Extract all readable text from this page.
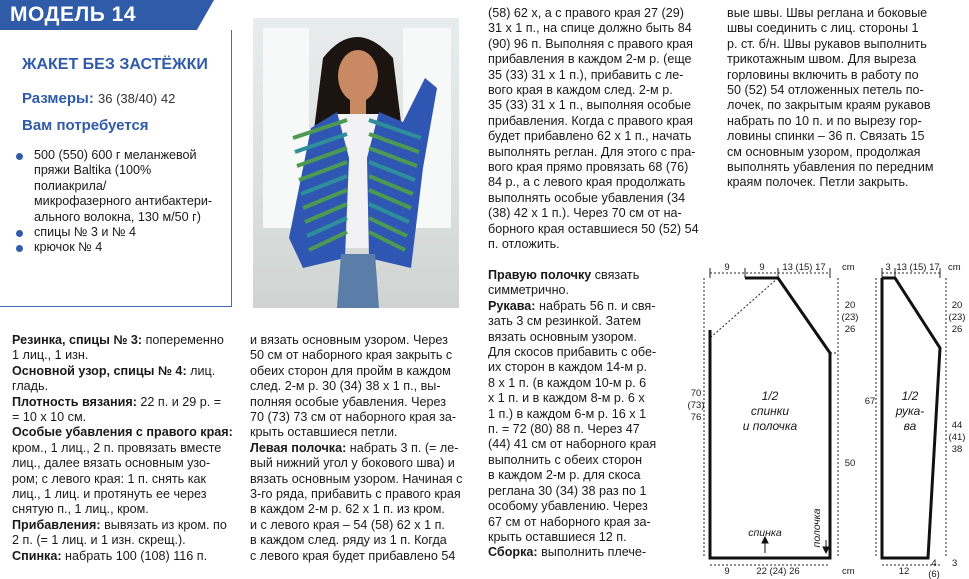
МОДЕЛЬ 14
ЖАКЕТ БЕЗ ЗАСТЁЖКИ
Размеры: 36 (38/40) 42
Вам потребуется
500 (550) 600 г меланжевой
пряжи Baltika (100% полиакрила/
микрофазерного антибактери-
ального волокна, 130 м/50 г)
спицы № 3 и № 4
крючок № 4

Резинка, спицы № 3: попеременно

1 лиц., 1 изн.

Основной узор, спицы № 4: лиц.

гладь.

Плотность вязания: 22 п. и 29 р. =

= 10 х 10 см.

Особые убавления с правого края:

кром., 1 лиц., 2 п. провязать вместе

лиц., далее вязать основным узо-

ром; с левого края: 1 п. снять как

лиц., 1 лиц. и протянуть ее через

снятую п., 1 лиц., кром.

Прибавления: вывязать из кром. по

2 п. (= 1 лиц. и 1 изн. скрещ.).

Спинка: набрать 100 (108) 116 п.

и вязать основным узором. Через

50 см от наборного края закрыть с

обеих сторон для пройм в каждом

след. 2-м р. 30 (34) 38 х 1 п., вы-

полняя особые убавления. Через

70 (73) 73 см от наборного края за-

крыть оставшиеся петли.

Левая полочка: набрать 3 п. (= ле-

вый нижний угол у бокового шва) и

вязать основным узором. Начиная с

3-го ряда, прибавить с правого края

в каждом 2-м р. 62 х 1 п. из кром.

и с левого края – 54 (58) 62 х 1 п.

в каждом след. ряду из 1 п. Когда

с левого края будет прибавлено 54

(58) 62 х, а с правого края 27 (29)

31 х 1 п., на спице должно быть 84

(90) 96 п. Выполняя с правого края

прибавления в каждом 2-м р. (еще

35 (33) 31 х 1 п.), прибавить с ле-

вого края в каждом след. 2-м р.

35 (33) 31 х 1 п., выполняя особые

прибавления. Когда с правого края

будет прибавлено 62 х 1 п., начать

выполнять реглан. Для этого с пра-

вого края прямо провязать 68 (76)

84 р., а с левого края продолжать

выполнять особые убавления (34

(38) 42 х 1 п.). Через 70 см от на-

борного края оставшиеся 50 (52) 54

п. отложить.

Правую полочку связать

симметрично.

Рукава: набрать 56 п. и свя-

зать 3 см резинкой. Затем

вязать основным узором.

Для скосов прибавить с обе-

их сторон в каждом 14-м р.

8 х 1 п. (в каждом 10-м р. 6

х 1 п. и в каждом 8-м р. 6 х

1 п.) в каждом 6-м р. 16 х 1

п. = 72 (80) 88 п. Через 47

(44) 41 см от наборного края

выполнить с обеих сторон

в каждом 2-м р. для скоса

реглана 30 (34) 38 раз по 1

особому убавлению. Через

67 см от наборного края за-

крыть оставшиеся 12 п.

Сборка: выполнить плече-

вые швы. Швы реглана и боковые

швы соединить с лиц. стороны 1

р. ст. б/н. Швы рукавов выполнить

трикотажным швом. Для выреза

горловины включить в работу по

50 (52) 54 отложенных петель по-

лочек, по закрытым краям рукавов

набрать по 10 п. и по вырезу гор-

ловины спинки – 36 п. Связать 15

см основным узором, продолжая

выполнять убавления по передним

краям полочек. Петли закрыть.

9	9 13 (15) 17 cm
20
(23)
26
70
(73)
76
50
9	22 (24) 26	cm
1/2
спинки
и полочка
спинка	полочка
3 13 (15) 17 cm
20
(23)
26
67
44
(41)
38
12
4
(6)
3
1/2
рука-
ва
